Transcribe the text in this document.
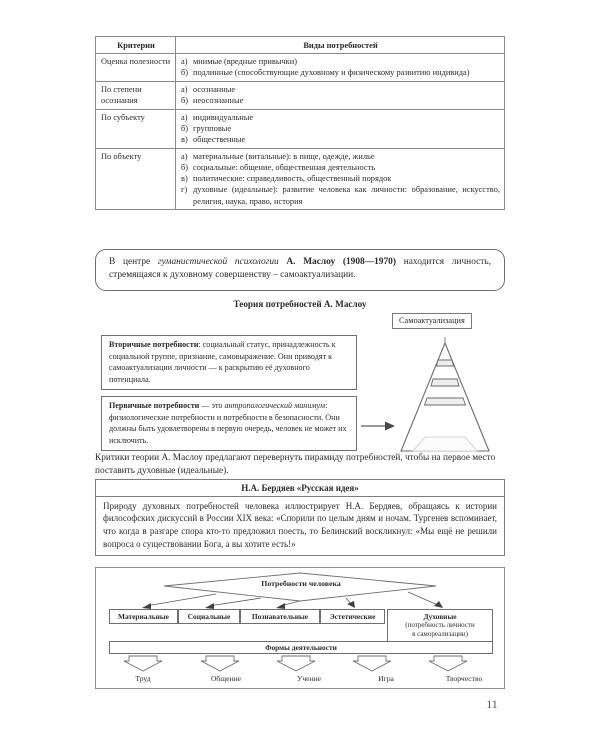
Критерии	Виды потребностей
Оценка полезности	а)	мнимые (вредные привычки)
б)	подлинные (способствующие духовному и физическому развитию индивида)

По степени осознания	а)	осознанные
б)	неосознанные

По субъекту	а)	индивидуальные
б)	групповые
в)	общественные

По объекту	а)	материальные (витальные): в пище, одежде, жилье
б)	социальные: общение, общественная деятельность
в)	политические: справедливость, общественный порядок
г)	духовные (идеальные): развитие человека как личности: образование, искусство, религия, наука, право, история
В центре гуманистической психологии А. Маслоу (1908—1970) находится личность, стремящаяся к духовному совершенству – самоактуализации.
Теория потребностей А. Маслоу
Самоактуализация
Вторичные потребности: социальный статус, принадлежность к социальной группе, признание, самовыражение. Они приводят к самоактуализации личности — к раскрытию её духовного потенциала.
Первичные потребности — это антропологический минимум: физиологические потребности и потребности в безопасности. Они должны быть удовлетворены в первую очередь, человек не может их исключить.
Критики теории А. Маслоу предлагают перевернуть пирамиду потребностей, чтобы на первое место поставить духовные (идеальные).
Н.А. Бердяев «Русская идея»
Природу духовных потребностей человека иллюстрирует Н.А. Бердяев, обращаясь к истории философских дискуссий в России XIX века: «Спорили по целым дням и ночам. Тургенев вспоминает, что когда в разгаре спора кто-то предложил поесть, то Белинский воскликнул: «Мы ещё не решили вопроса о существовании Бога, а вы хотите есть!»
Материальные	Социальные	Познавательные	Эстетические	Духовные
(потребность личности
в самореализации)
Формы деятельности
Труд	Общение	Учение	Игра	Творчество
Потребности человека
11
